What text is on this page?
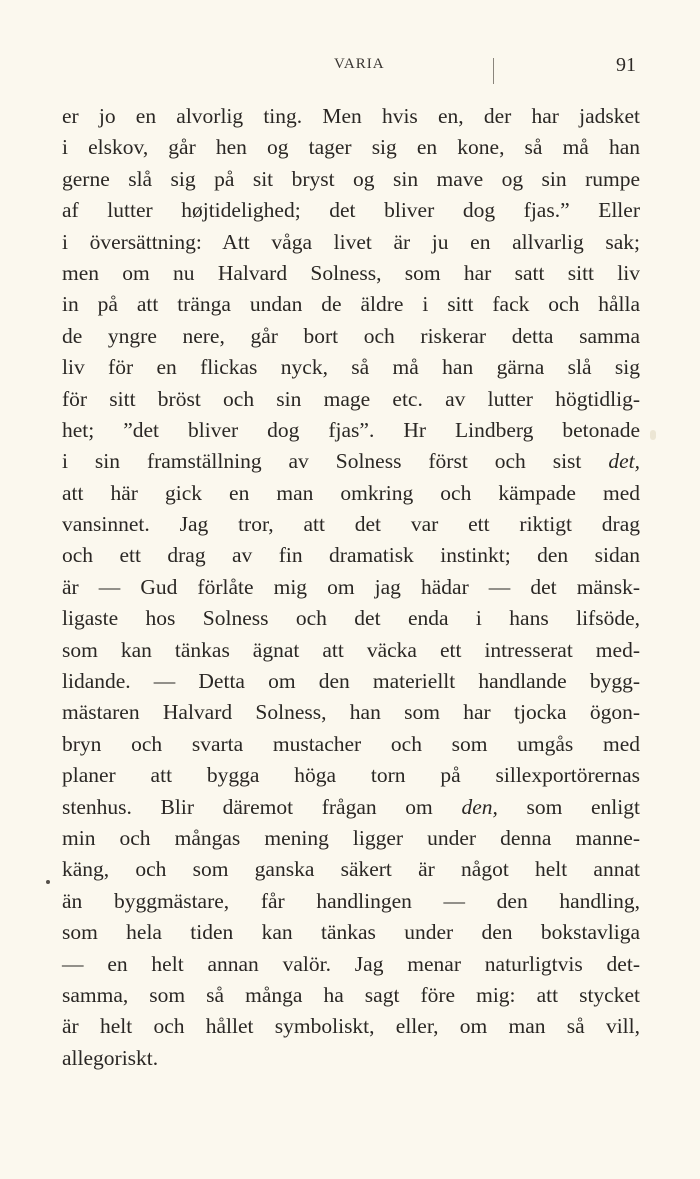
VARIA	91
er jo en alvorlig ting. Men hvis en, der har jadsket
i elskov, går hen og tager sig en kone, så må han
gerne slå sig på sit bryst og sin mave og sin rumpe
af lutter højtidelighed; det bliver dog fjas.” Eller
i översättning: Att våga livet är ju en allvarlig sak;
men om nu Halvard Solness, som har satt sitt liv
in på att tränga undan de äldre i sitt fack och hålla
de yngre nere, går bort och riskerar detta samma
liv för en flickas nyck, så må han gärna slå sig
för sitt bröst och sin mage etc. av lutter högtidlig-
het; ”det bliver dog fjas”. Hr Lindberg betonade
i sin framställning av Solness först och sist det,
att här gick en man omkring och kämpade med
vansinnet. Jag tror, att det var ett riktigt drag
och ett drag av fin dramatisk instinkt; den sidan
är — Gud förlåte mig om jag hädar — det mänsk-
ligaste hos Solness och det enda i hans lifsöde,
som kan tänkas ägnat att väcka ett intresserat med-
lidande. — Detta om den materiellt handlande bygg-
mästaren Halvard Solness, han som har tjocka ögon-
bryn och svarta mustacher och som umgås med
planer att bygga höga torn på sillexportörernas
stenhus. Blir däremot frågan om den, som enligt
min och mångas mening ligger under denna manne-
käng, och som ganska säkert är något helt annat
än byggmästare, får handlingen — den handling,
som hela tiden kan tänkas under den bokstavliga
— en helt annan valör. Jag menar naturligtvis det-
samma, som så många ha sagt före mig: att stycket
är helt och hållet symboliskt, eller, om man så vill,
allegoriskt.
